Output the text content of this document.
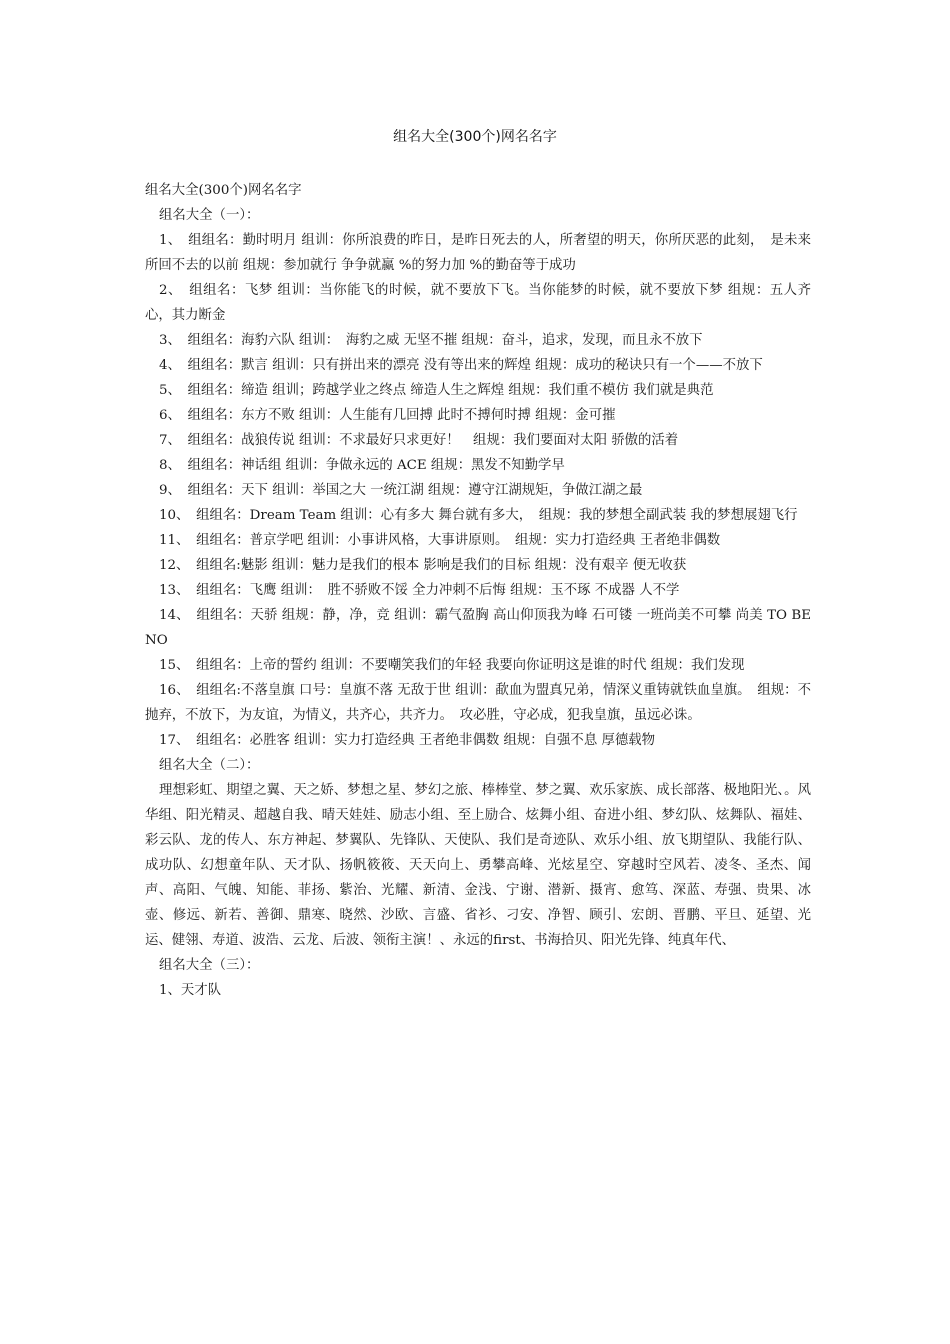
组名大全(300个)网名名字

组名大全(300个)网名名字

组名大全（一）：

1、　组组名：勤时明月 组训：你所浪费的昨日，是昨日死去的人，所奢望的明天，你所厌恶的此刻，　是未来所回不去的以前 组规：参加就行 争争就赢 %的努力加 %的勤奋等于成功

2、　组组名：飞梦 组训：当你能飞的时候，就不要放下飞。当你能梦的时候，就不要放下梦 组规：五人齐心，其力断金

3、　组组名：海豹六队 组训：　海豹之威 无坚不摧 组规：奋斗，追求，发现，而且永不放下

4、　组组名：默言 组训：只有拼出来的漂亮 没有等出来的辉煌 组规：成功的秘诀只有一个——不放下

5、　组组名：缔造 组训；跨越学业之终点 缔造人生之辉煌 组规：我们重不模仿 我们就是典范

6、　组组名：东方不败 组训：人生能有几回搏 此时不搏何时搏 组规：金可摧

7、　组组名：战狼传说 组训：不求最好只求更好！　组规：我们要面对太阳 骄傲的活着

8、　组组名：神话组 组训：争做永远的 ACE 组规：黑发不知勤学早

9、　组组名：天下 组训：举国之大 一统江湖 组规：遵守江湖规矩，争做江湖之最

10、　组组名：Dream Team 组训：心有多大 舞台就有多大，　组规：我的梦想全副武装 我的梦想展翅飞行

11、　组组名：普京学吧 组训：小事讲风格，大事讲原则。　组规：实力打造经典 王者绝非偶数

12、　组组名:魅影 组训：魅力是我们的根本 影响是我们的目标 组规：没有艰辛 便无收获

13、　组组名：飞鹰 组训：　胜不骄败不馁 全力冲刺不后悔 组规：玉不琢 不成器 人不学

14、　组组名：天骄 组规：静，净，竞 组训：霸气盈胸 高山仰顶我为峰 石可镂 一班尚美不可攀 尚美 TO BE NO

15、　组组名：上帝的誓约 组训：不要嘲笑我们的年轻 我要向你证明这是谁的时代 组规：我们发现

16、　组组名:不落皇旗 口号：皇旗不落 无敌于世 组训：歃血为盟真兄弟，情深义重铸就铁血皇旗。　组规：不抛弃，不放下，为友谊，为情义，共齐心，共齐力。　攻必胜，守必成，犯我皇旗，虽远必诛。

17、　组组名：必胜客 组训：实力打造经典 王者绝非偶数 组规：自强不息 厚德载物

组名大全（二）：

理想彩虹、期望之翼、天之娇、梦想之星、梦幻之旅、棒棒堂、梦之翼、欢乐家族、成长部落、极地阳光、。风华组、阳光精灵、超越自我、晴天娃娃、励志小组、至上励合、炫舞小组、奋进小组、梦幻队、炫舞队、福娃、彩云队、龙的传人、东方神起、梦翼队、先锋队、天使队、我们是奇迹队、欢乐小组、放飞期望队、我能行队、成功队、幻想童年队、天才队、扬帆筱筱、天天向上、勇攀高峰、光炫星空、穿越时空风若、凌冬、圣杰、闻声、高阳、气魄、知能、菲扬、紫治、光耀、新清、金浅、宁谢、潜新、摄宵、愈笃、深蓝、寿强、贵果、冰壶、修远、新若、善御、鼎寒、晓然、沙欧、言盛、省衫、刁安、净智、顾引、宏朗、晋鹏、平旦、延望、光运、健翎、寿道、波浩、云龙、后波、领衔主演！、永远的first、书海拾贝、阳光先锋、纯真年代、

组名大全（三）：

1、天才队
